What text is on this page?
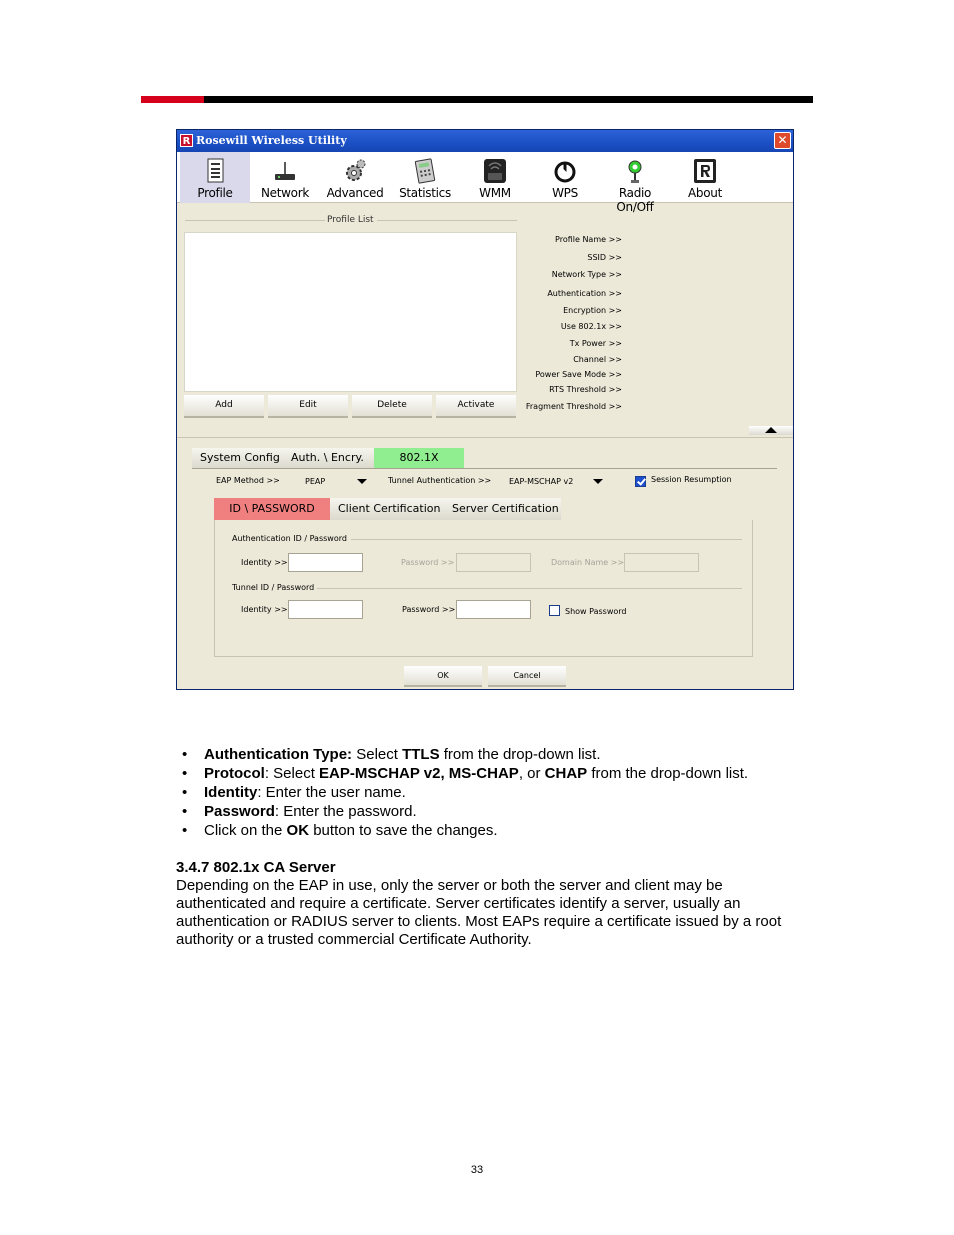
R Rosewill Wireless Utility	✕
Profile	Network	Advanced	Statistics	WMM	WPS	Radio On/Off
About
Profile List
Add	Edit	Delete	Activate
Profile Name >>
SSID >>
Network Type >>
Authentication >>
Encryption >>
Use 802.1x >>
Tx Power >>
Channel >>
Power Save Mode >>
RTS Threshold >>
Fragment Threshold >>
System Config	Auth. \ Encry.	802.1X
EAP Method >>	PEAP	Tunnel Authentication >> EAP-MSCHAP v2	Session Resumption
ID \ PASSWORD	Client Certification Server Certification
Authentication ID / Password
Identity >>	Password >>	Domain Name >>
Tunnel ID / Password
Identity >>	Password >>	Show Password
OK	Cancel
• Authentication Type: Select TTLS from the drop-down list.
• Protocol: Select EAP-MSCHAP v2, MS-CHAP, or CHAP from the drop-down list.
• Identity: Enter the user name.
• Password: Enter the password.
• Click on the OK button to save the changes.
3.4.7 802.1x CA Server
Depending on the EAP in use, only the server or both the server and client may be authenticated and require a certificate. Server certificates identify a server, usually an authentication or RADIUS server to clients. Most EAPs require a certificate issued by a root authority or a trusted commercial Certificate Authority.
33
